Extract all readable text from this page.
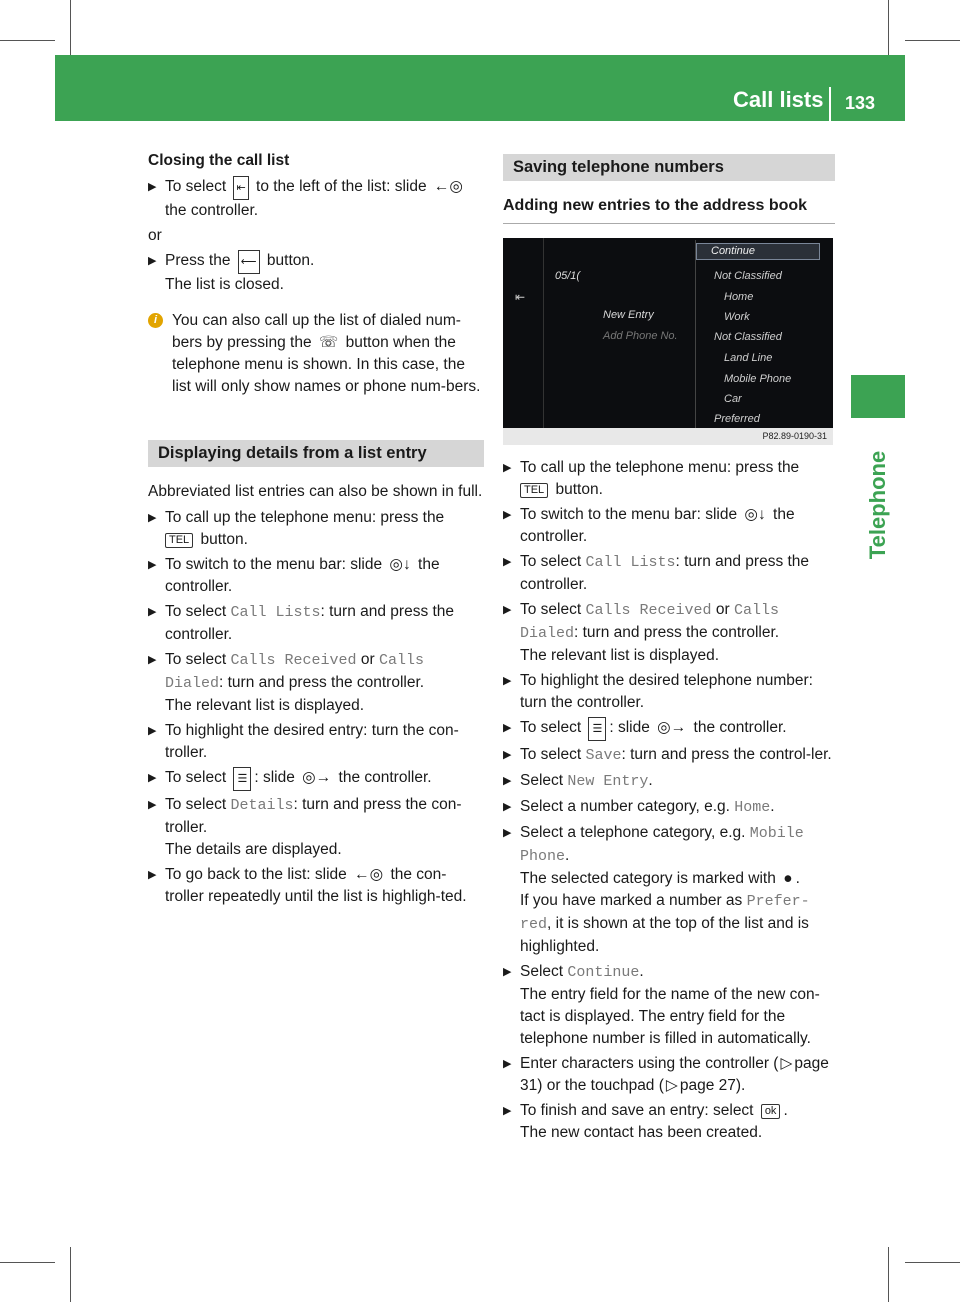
Call lists 133
Telephone

Closing the call list

▶ To select ⇤ to the left of the list: slide ←◎ the controller.

or

▶ Press the ⟵ button.
The list is closed.
i You can also call up the list of dialed num-bers by pressing the ☏ button when the telephone menu is shown. In this case, the list will only show names or phone num-bers.
Displaying details from a list entry

Abbreviated list entries can also be shown in full.

▶ To call up the telephone menu: press the
TEL button.
▶ To switch to the menu bar: slide ◎↓ the controller.
▶ To select Call Lists: turn and press the controller.
▶ To select Calls Received or Calls
Dialed: turn and press the controller.
The relevant list is displayed.
▶ To highlight the desired entry: turn the con-troller.
▶ To select ☰ : slide ◎→ the controller.
▶ To select Details: turn and press the con-troller.
The details are displayed.
▶ To go back to the list: slide ←◎ the con-troller repeatedly until the list is highligh-ted.
Saving telephone numbers
Adding new entries to the address book
⇤
05/1(
New Entry
Add Phone No.
Continue
Not Classified
Home
Work
Not Classified
Land Line
Mobile Phone
Car
Preferred
P82.89-0190-31
▶ To call up the telephone menu: press the
TEL button.
▶ To switch to the menu bar: slide ◎↓ the controller.
▶ To select Call Lists: turn and press the controller.
▶ To select Calls Received or Calls
Dialed: turn and press the controller.
The relevant list is displayed.
▶ To highlight the desired telephone number: turn the controller.
▶ To select ☰ : slide ◎→ the controller.
▶ To select Save: turn and press the control-ler.
▶ Select New Entry.
▶ Select a number category, e.g. Home.
▶ Select a telephone category, e.g. Mobile
Phone.
The selected category is marked with ● .
If you have marked a number as Prefer-
red, it is shown at the top of the list and is highlighted.
▶ Select Continue.
The entry field for the name of the new con-tact is displayed. The entry field for the telephone number is filled in automatically.
▶ Enter characters using the controller ( ▷ page 31) or the touchpad ( ▷ page 27).
▶ To finish and save an entry: select ok .
The new contact has been created.
